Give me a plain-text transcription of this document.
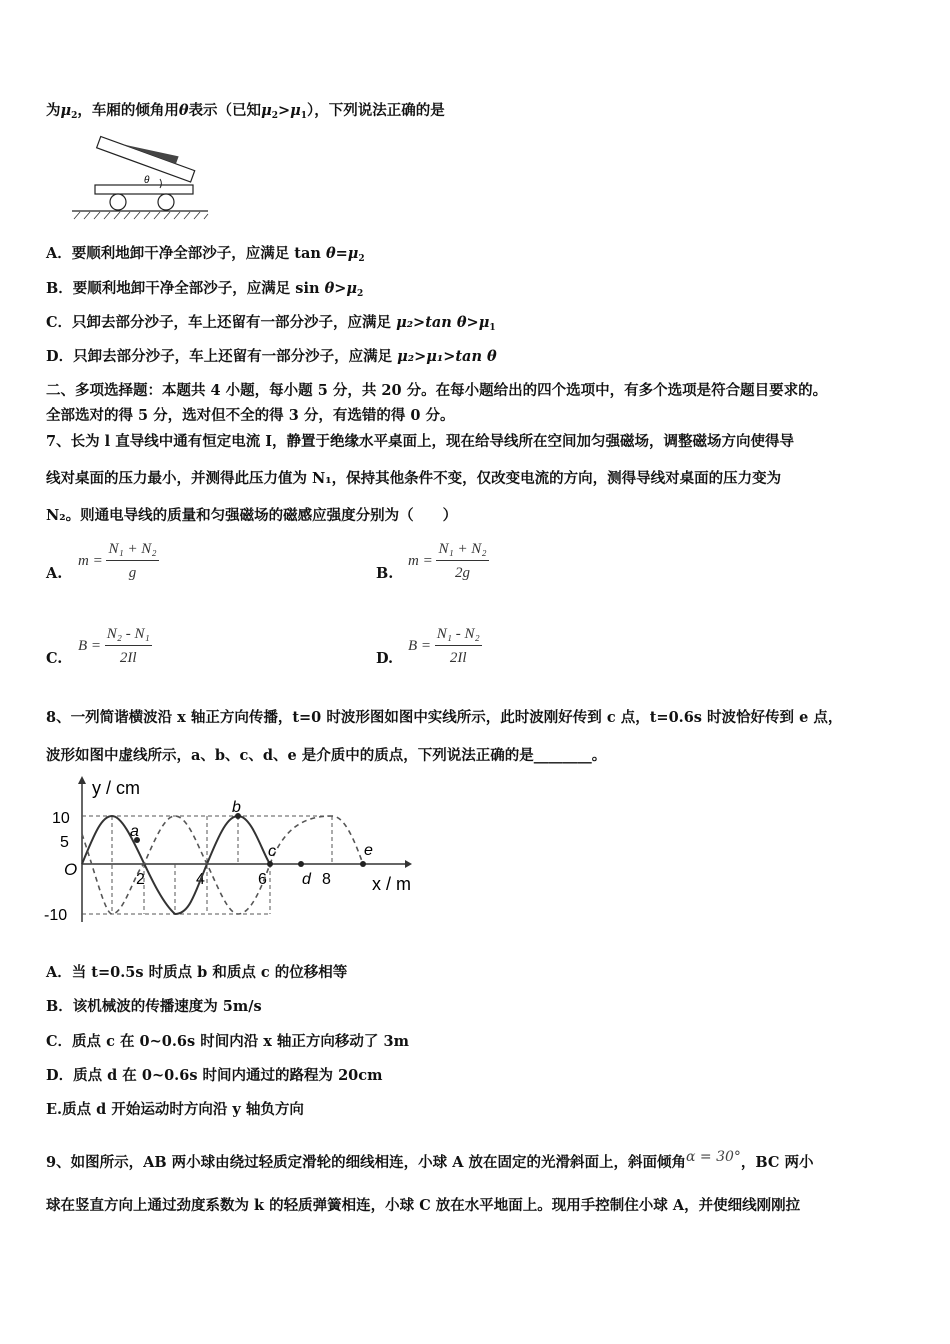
为$\mu_2$，车厢的倾角用θ表示（已知$\mu_2>\mu_1$），下列说法正确的是
θ
A．要顺利地卸干净全部沙子，应满足 $\tan \theta=\mu_2$
B．要顺利地卸干净全部沙子，应满足 $\sin \theta>\mu_2$
C．只卸去部分沙子，车上还留有一部分沙子，应满足 μ₂>tan $\theta>\mu_1$
D．只卸去部分沙子，车上还留有一部分沙子，应满足 μ₂>μ₁>tan θ
二、多项选择题：本题共 4 小题，每小题 5 分，共 20 分。在每小题给出的四个选项中，有多个选项是符合题目要求的。
全部选对的得 5 分，选对但不全的得 3 分，有选错的得 0 分。
7、长为 l 直导线中通有恒定电流 I，静置于绝缘水平桌面上，现在给导线所在空间加匀强磁场，调整磁场方向使得导
线对桌面的压力最小，并测得此压力值为 N₁，保持其他条件不变，仅改变电流的方向，测得导线对桌面的压力变为
N₂。则通电导线的质量和匀强磁场的磁感应强度分别为（　　）
A.
$m = \frac{\text{N₁ + N₂}}{g}$	B.
$m = \frac{\text{N₁ + N₂}}{2g}$
C.
$B = \frac{\text{N₂ - N₁}}{2Il}$	D.
$B = \frac{\text{N₁ - N₂}}{2Il}$
8、一列简谐横波沿 x 轴正方向传播，t=0 时波形图如图中实线所示，此时波刚好传到 c 点，t=0.6s 时波恰好传到 e 点，
波形如图中虚线所示，a、b、c、d、e 是介质中的质点，下列说法正确的是________。
y / cm
x / m
O
10
5
-10
2	4	6	8
a
b
c
d
e
A．当 t=0.5s 时质点 b 和质点 c 的位移相等
B．该机械波的传播速度为 5m/s
C．质点 c 在 0~0.6s 时间内沿 x 轴正方向移动了 3m
D．质点 d 在 0~0.6s 时间内通过的路程为 20cm
E.质点 d 开始运动时方向沿 y 轴负方向
9、如图所示，AB 两小球由绕过轻质定滑轮的细线相连，小球 A 放在固定的光滑斜面上，斜面倾角α = 30°，BC 两小
球在竖直方向上通过劲度系数为 k 的轻质弹簧相连，小球 C 放在水平地面上。现用手控制住小球 A，并使细线刚刚拉
